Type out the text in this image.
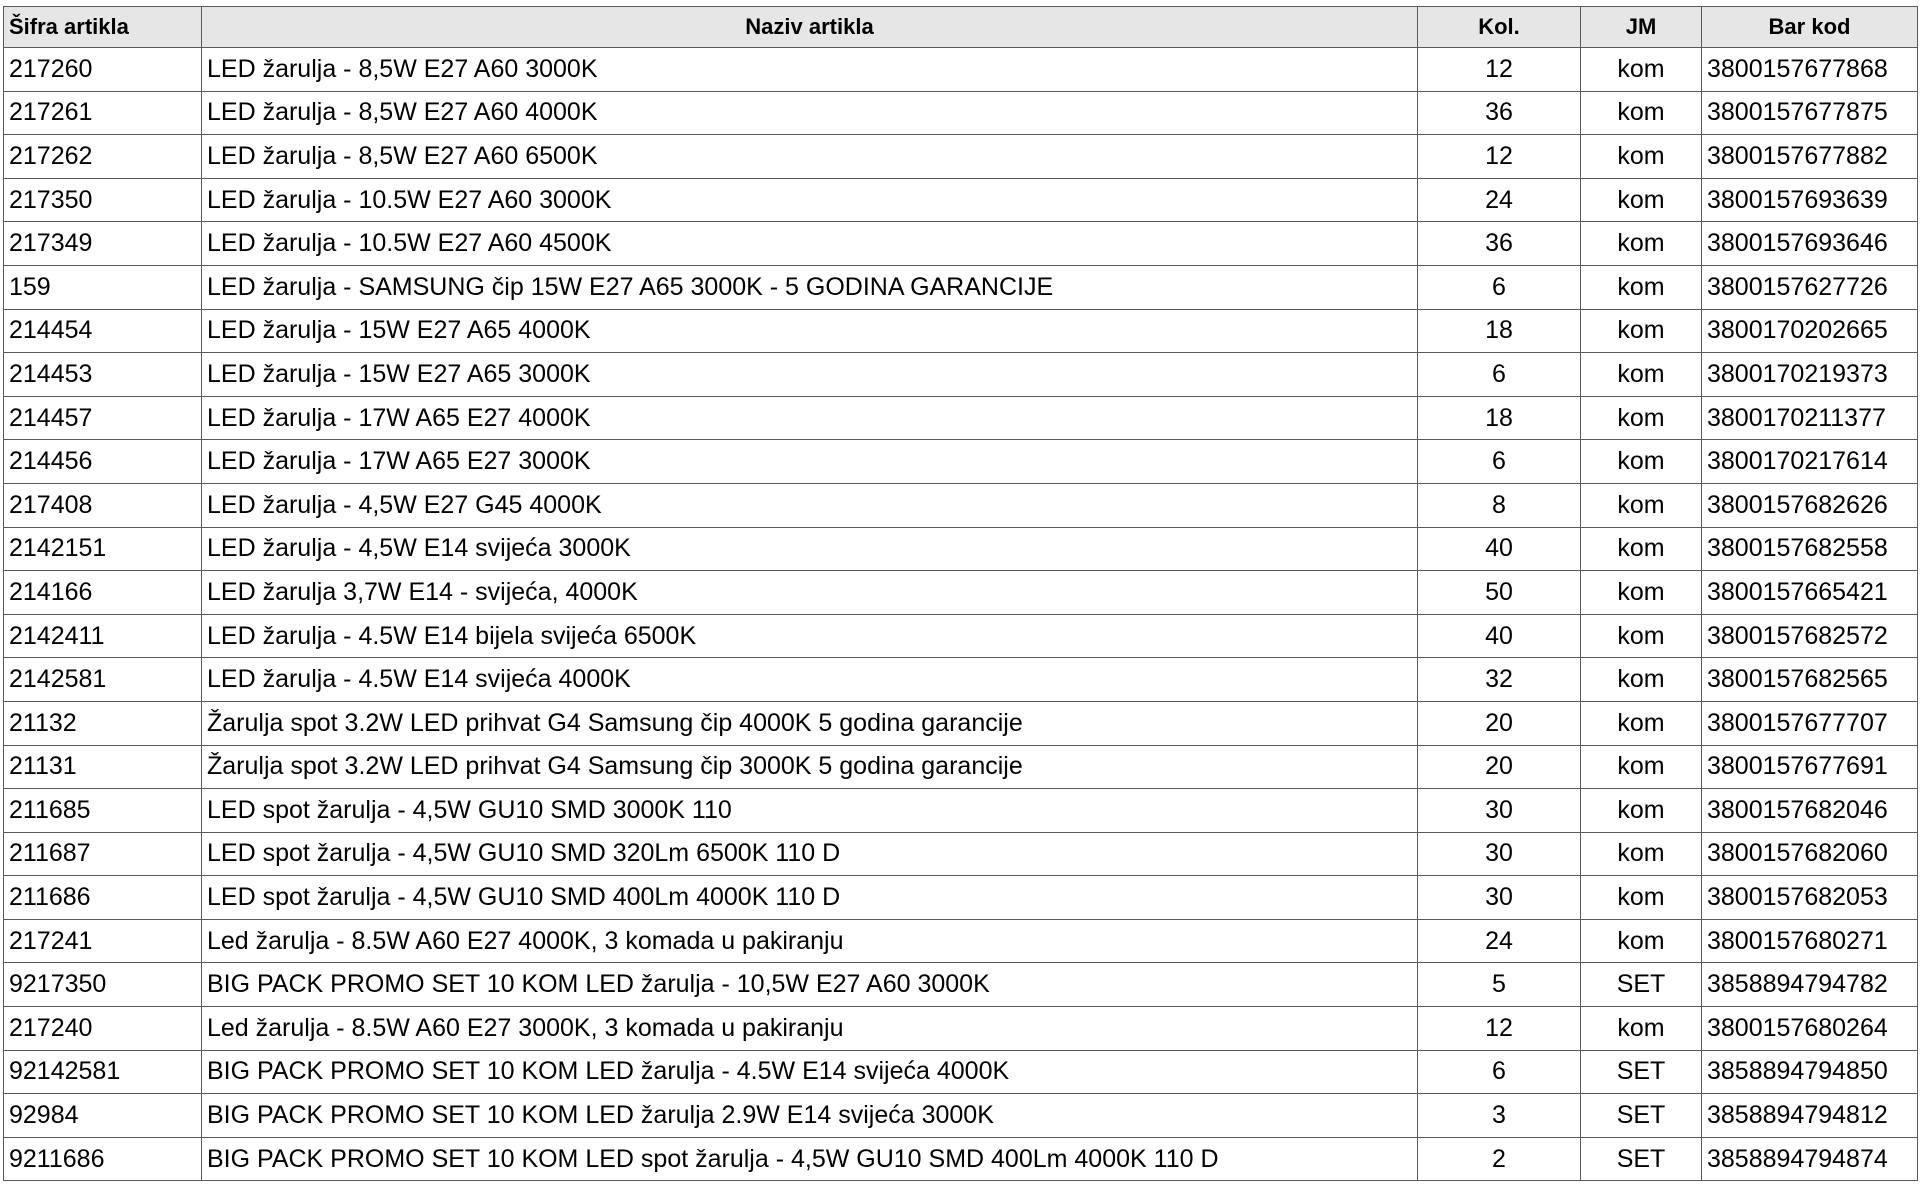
Šifra artikla	Naziv artikla	Kol.	JM	Bar kod
217260	LED žarulja - 8,5W E27 A60 3000K	12	kom	3800157677868
217261	LED žarulja - 8,5W E27 A60 4000K	36	kom	3800157677875
217262	LED žarulja - 8,5W E27 A60 6500K	12	kom	3800157677882
217350	LED žarulja - 10.5W E27 A60 3000K	24	kom	3800157693639
217349	LED žarulja - 10.5W E27 A60 4500K	36	kom	3800157693646
159	LED žarulja - SAMSUNG čip 15W E27 A65 3000K - 5 GODINA GARANCIJE	6	kom	3800157627726
214454	LED žarulja - 15W E27 A65 4000K	18	kom	3800170202665
214453	LED žarulja - 15W E27 A65 3000K	6	kom	3800170219373
214457	LED žarulja - 17W A65 E27 4000K	18	kom	3800170211377
214456	LED žarulja - 17W A65 E27 3000K	6	kom	3800170217614
217408	LED žarulja - 4,5W E27 G45 4000K	8	kom	3800157682626
2142151	LED žarulja - 4,5W E14 svijeća 3000K	40	kom	3800157682558
214166	LED žarulja 3,7W E14 - svijeća, 4000K	50	kom	3800157665421
2142411	LED žarulja - 4.5W E14 bijela svijeća 6500K	40	kom	3800157682572
2142581	LED žarulja - 4.5W E14 svijeća 4000K	32	kom	3800157682565
21132	Žarulja spot 3.2W LED prihvat G4 Samsung čip 4000K 5 godina garancije	20	kom	3800157677707
21131	Žarulja spot 3.2W LED prihvat G4 Samsung čip 3000K 5 godina garancije	20	kom	3800157677691
211685	LED spot žarulja - 4,5W GU10 SMD 3000K 110	30	kom	3800157682046
211687	LED spot žarulja - 4,5W GU10 SMD 320Lm 6500K 110 D	30	kom	3800157682060
211686	LED spot žarulja - 4,5W GU10 SMD 400Lm 4000K 110 D	30	kom	3800157682053
217241	Led žarulja - 8.5W A60 E27 4000K, 3 komada u pakiranju	24	kom	3800157680271
9217350	BIG PACK PROMO SET 10 KOM LED žarulja - 10,5W E27 A60 3000K	5	SET	3858894794782
217240	Led žarulja - 8.5W A60 E27 3000K, 3 komada u pakiranju	12	kom	3800157680264
92142581	BIG PACK PROMO SET 10 KOM LED žarulja - 4.5W E14 svijeća 4000K	6	SET	3858894794850
92984	BIG PACK PROMO SET 10 KOM LED žarulja 2.9W E14 svijeća 3000K	3	SET	3858894794812
9211686	BIG PACK PROMO SET 10 KOM LED spot žarulja - 4,5W GU10 SMD 400Lm 4000K 110 D	2	SET	3858894794874
